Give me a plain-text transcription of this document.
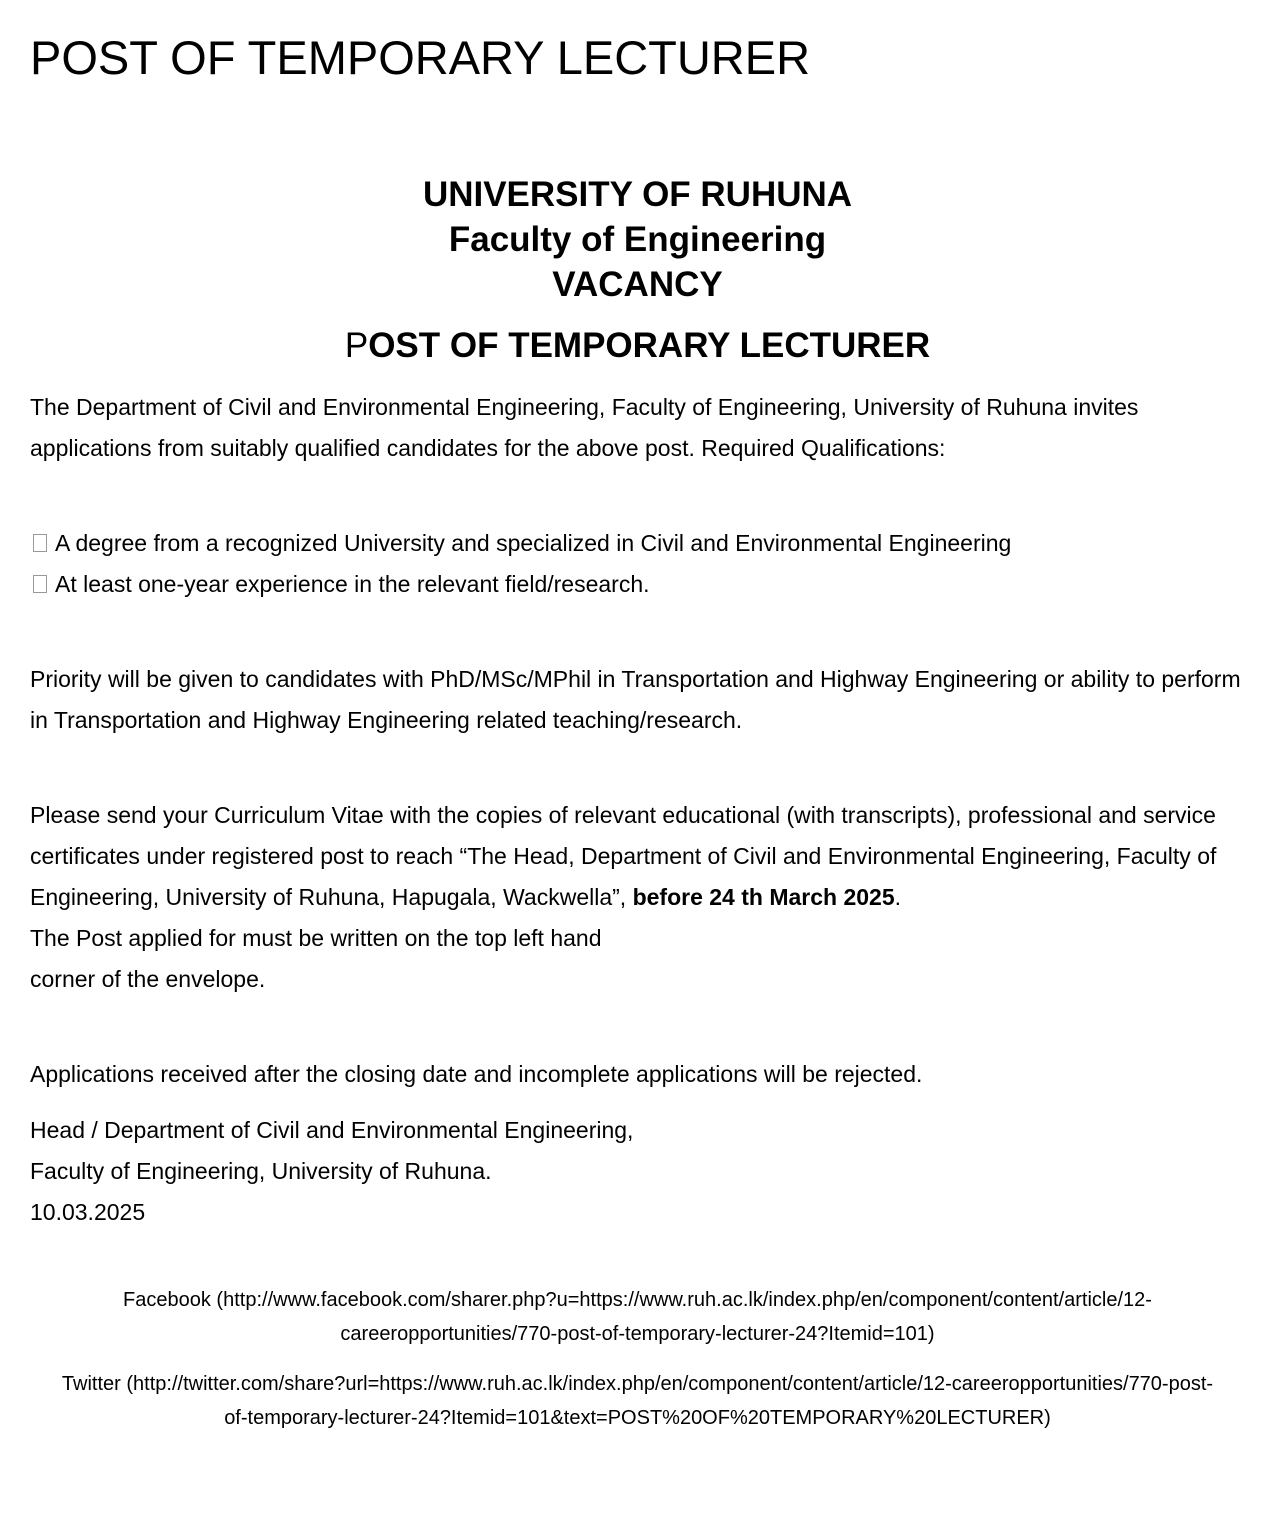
POST OF TEMPORARY LECTURER
UNIVERSITY OF RUHUNA
Faculty of Engineering
VACANCY
POST OF TEMPORARY LECTURER

The Department of Civil and Environmental Engineering, Faculty of Engineering, University of Ruhuna invites applications from suitably qualified candidates for the above post. Required Qualifications:

A degree from a recognized University and specialized in Civil and Environmental Engineering
At least one-year experience in the relevant field/research.

Priority will be given to candidates with PhD/MSc/MPhil in Transportation and Highway Engineering or ability to perform in Transportation and Highway Engineering related teaching/research.

Please send your Curriculum Vitae with the copies of relevant educational (with transcripts), professional and service certificates under registered post to reach “The Head, Department of Civil and Environmental Engineering, Faculty of Engineering, University of Ruhuna, Hapugala, Wackwella”, before 24 th March 2025.

The Post applied for must be written on the top left hand

corner of the envelope.

Applications received after the closing date and incomplete applications will be rejected.

Head / Department of Civil and Environmental Engineering,

Faculty of Engineering, University of Ruhuna.

10.03.2025

Facebook (http://www.facebook.com/sharer.php?u=https://www.ruh.ac.lk/index.php/en/component/content/article/12-careeropportunities/770-post-of-temporary-lecturer-24?Itemid=101)
Twitter (http://twitter.com/share?url=https://www.ruh.ac.lk/index.php/en/component/content/article/12-careeropportunities/770-post-of-temporary-lecturer-24?Itemid=101&text=POST%20OF%20TEMPORARY%20LECTURER)
